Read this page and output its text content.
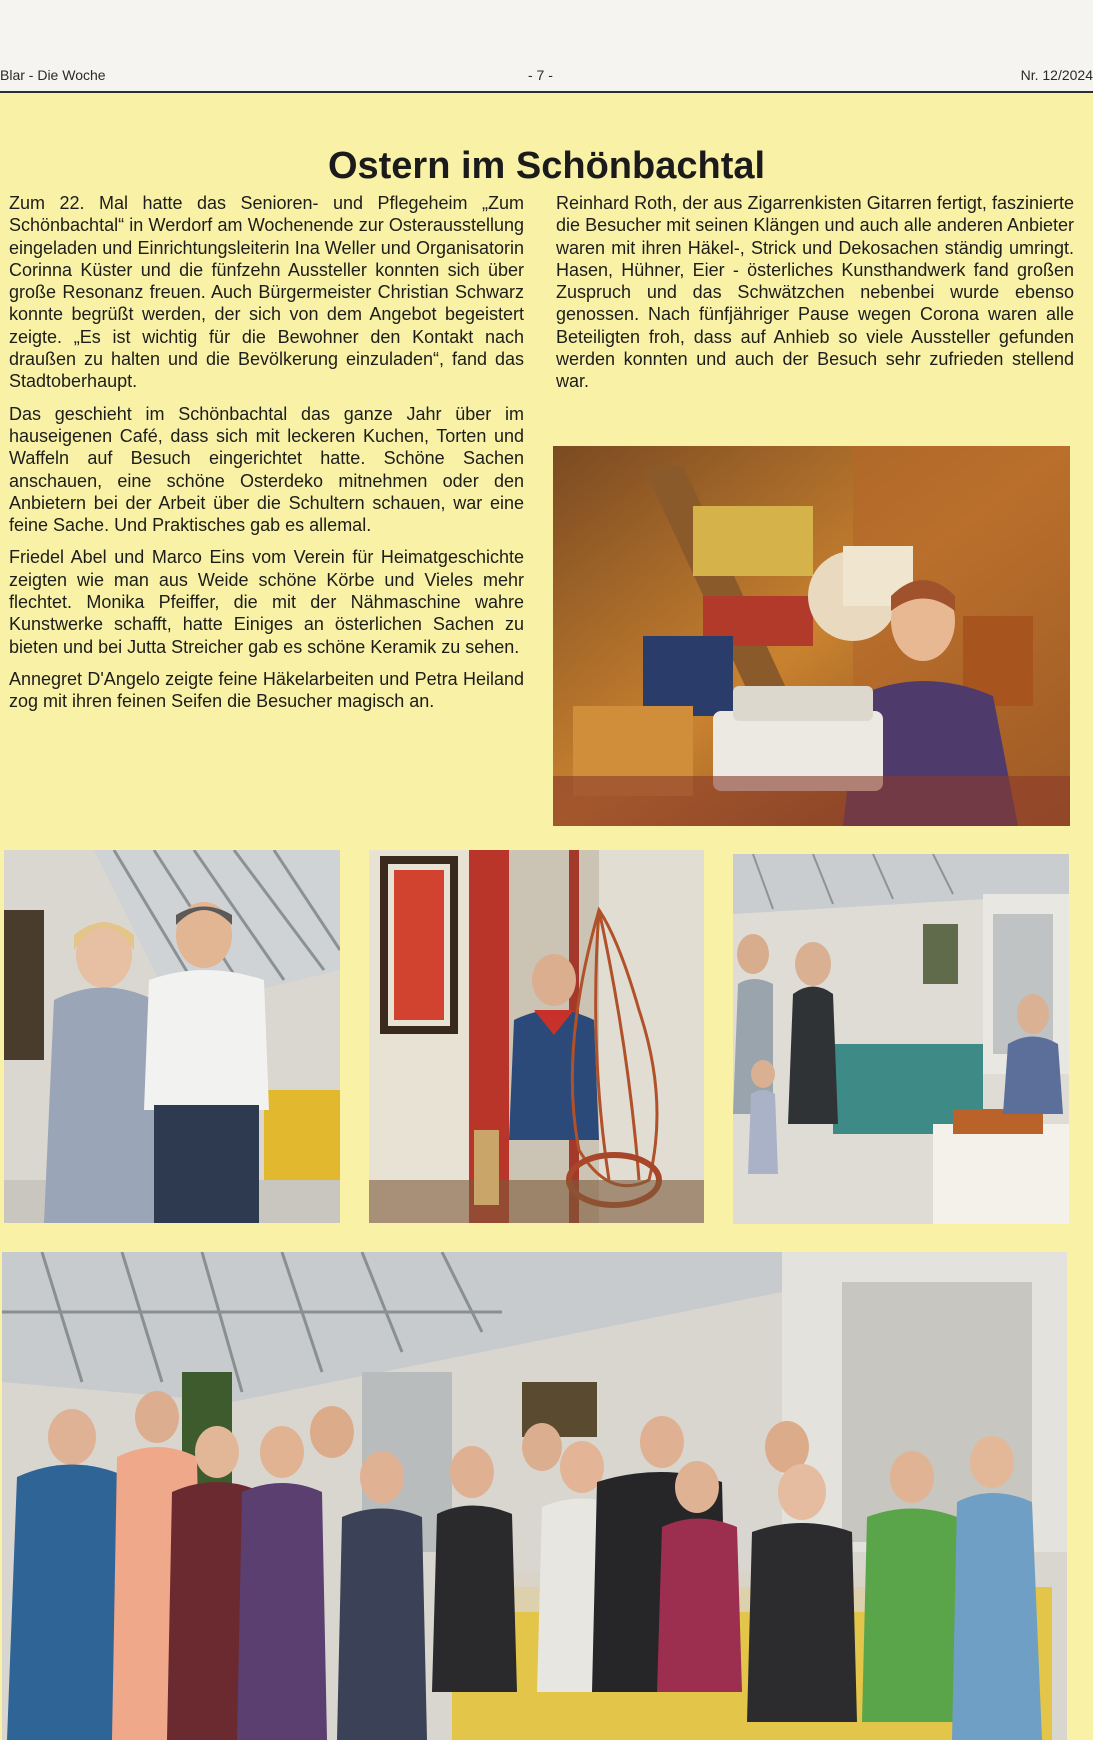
Blar - Die Woche	- 7 -	Nr. 12/2024
Ostern im Schönbachtal

Zum 22. Mal hatte das Senioren- und Pflegeheim „Zum Schönbachtal“ in Werdorf am Wochenende zur Osterausstellung eingeladen und Einrichtungsleiterin Ina Weller und Organisatorin Corinna Küster und die fünfzehn Aussteller konnten sich über große Resonanz freuen. Auch Bürgermeister Christian Schwarz konnte begrüßt werden, der sich von dem Angebot begeistert zeigte. „Es ist wichtig für die Bewohner den Kontakt nach draußen zu halten und die Bevölkerung einzuladen“, fand das Stadtoberhaupt.

Das geschieht im Schönbachtal das ganze Jahr über im hauseigenen Café, dass sich mit leckeren Kuchen, Torten und Waffeln auf Besuch eingerichtet hatte. Schöne Sachen anschauen, eine schöne Osterdeko mitnehmen oder den Anbietern bei der Arbeit über die Schultern schauen, war eine feine Sache. Und Praktisches gab es allemal.

Friedel Abel und Marco Eins vom Verein für Heimatgeschichte zeigten wie man aus Weide schöne Körbe und Vieles mehr flechtet. Monika Pfeiffer, die mit der Nähmaschine wahre Kunstwerke schafft, hatte Einiges an österlichen Sachen zu bieten und bei Jutta Streicher gab es schöne Keramik zu sehen.

Annegret D'Angelo zeigte feine Häkelarbeiten und Petra Heiland zog mit ihren feinen Seifen die Besucher magisch an.

Reinhard Roth, der aus Zigarrenkisten Gitarren fertigt, faszinierte die Besucher mit seinen Klängen und auch alle anderen Anbieter waren mit ihren Häkel-, Strick und Dekosachen ständig umringt. Hasen, Hühner, Eier - österliches Kunsthandwerk fand großen Zuspruch und das Schwätzchen nebenbei wurde ebenso genossen. Nach fünfjähriger Pause wegen Corona waren alle Beteiligten froh, dass auf Anhieb so viele Aussteller gefunden werden konnten und auch der Besuch sehr zufrieden stellend war.
